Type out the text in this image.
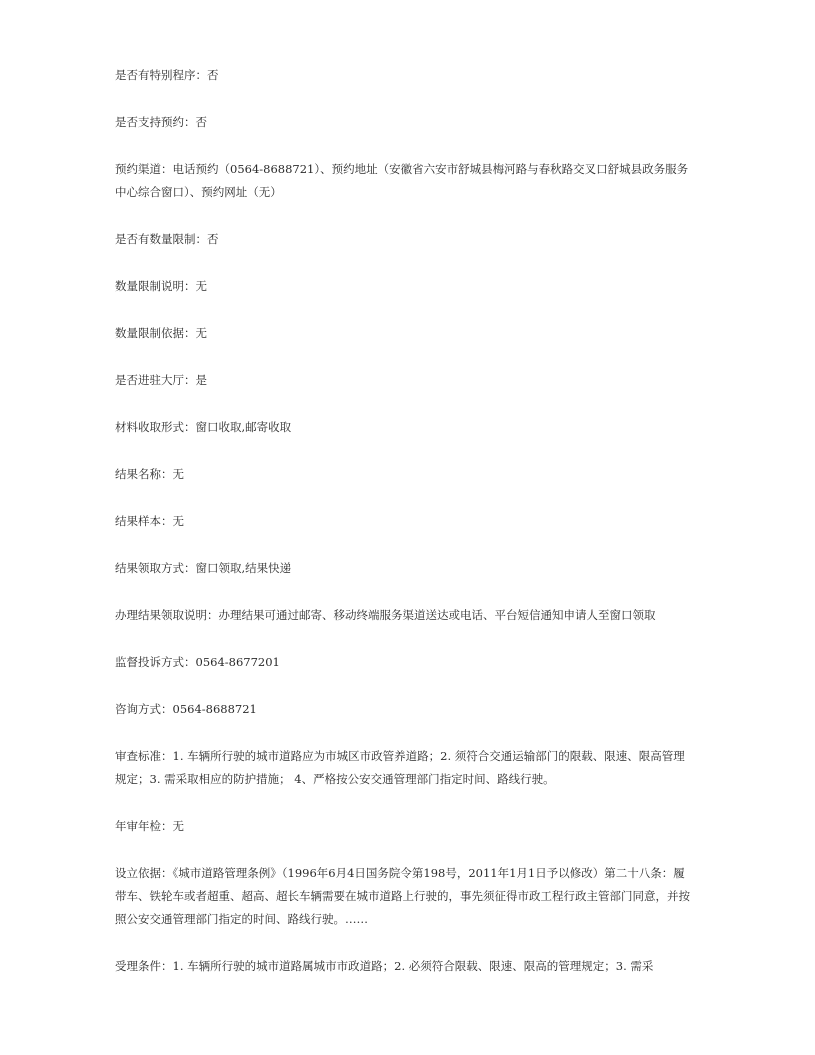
是否有特别程序：否

是否支持预约：否

预约渠道：电话预约（0564-8688721）、预约地址（安徽省六安市舒城县梅河路与春秋路交叉口舒城县政务服务中心综合窗口）、预约网址（无）

是否有数量限制：否

数量限制说明：无

数量限制依据：无

是否进驻大厅：是

材料收取形式：窗口收取,邮寄收取

结果名称：无

结果样本：无

结果领取方式：窗口领取,结果快递

办理结果领取说明：办理结果可通过邮寄、移动终端服务渠道送达或电话、平台短信通知申请人至窗口领取

监督投诉方式：0564-8677201

咨询方式：0564-8688721

审查标准：1. 车辆所行驶的城市道路应为市城区市政管养道路；2. 须符合交通运输部门的限载、限速、限高管理规定；3. 需采取相应的防护措施； 4、严格按公安交通管理部门指定时间、路线行驶。

年审年检：无

设立依据：《城市道路管理条例》（1996年6月4日国务院令第198号，2011年1月1日予以修改）第二十八条：履带车、铁轮车或者超重、超高、超长车辆需要在城市道路上行驶的，事先须征得市政工程行政主管部门同意，并按照公安交通管理部门指定的时间、路线行驶。……

受理条件：1. 车辆所行驶的城市道路属城市市政道路；2. 必须符合限载、限速、限高的管理规定；3. 需采
